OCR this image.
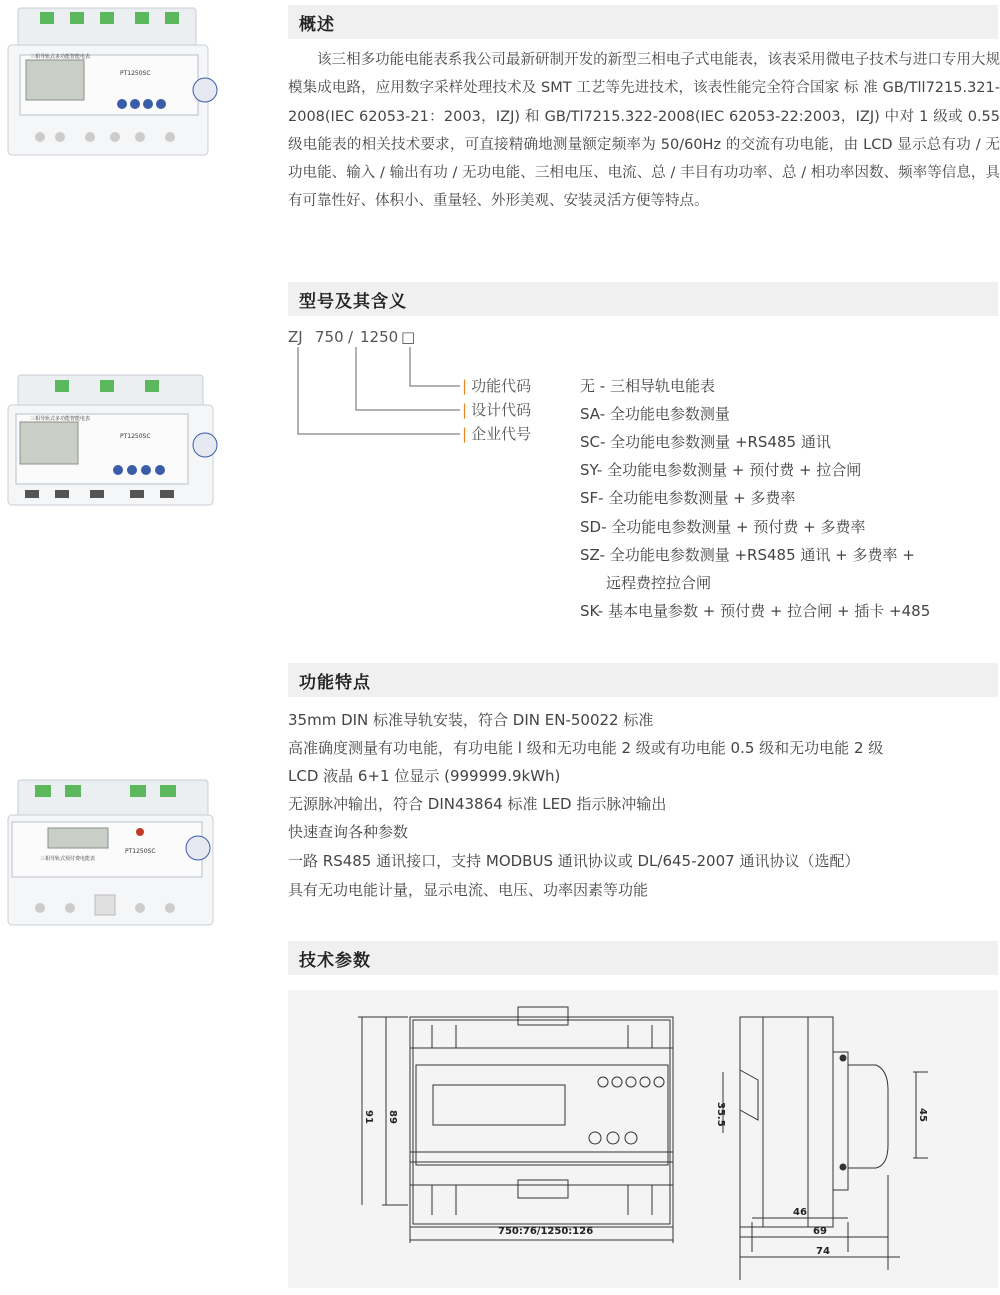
三相导轨式多功能智能电表
PT1250SC
三相导轨式多功能智能电表
PT1250SC
三相导轨式预付费电能表
PT1250SC
概述

该三相多功能电能表系我公司最新研制开发的新型三相电子式电能表，该表采用微电子技术与进口专用大规模集成电路，应用数字采样处理技术及 SMT 工艺等先进技术，该表性能完全符合国家 标 准 GB/Tll7215.321-2008(IEC 62053-21：2003，IZJ) 和 GB/Tl7215.322-2008(IEC 62053-22:2003，IZJ) 中对 1 级或 0.55 级电能表的相关技术要求，可直接精确地测量额定频率为 50/60Hz 的交流有功电能，由 LCD 显示总有功 / 无功电能、输入 / 输出有功 / 无功电能、三相电压、电流、总 / 丰目有功功率、总 / 相功率因数、频率等信息，具有可靠性好、体积小、重量轻、外形美观、安装灵活方便等特点。

型号及其含义
ZJ 750 / 1250 □
| 功能代码
| 设计代码
| 企业代号
无 - 三相导轨电能表
SA- 全功能电参数测量
SC- 全功能电参数测量 +RS485 通讯
SY- 全功能电参数测量 + 预付费 + 拉合闸
SF- 全功能电参数测量 + 多费率
SD- 全功能电参数测量 + 预付费 + 多费率
SZ- 全功能电参数测量 +RS485 通讯 + 多费率 +
远程费控拉合闸
SK- 基本电量参数 + 预付费 + 拉合闸 + 插卡 +485
功能特点
35mm DIN 标准导轨安装，符合 DIN EN-50022 标准
高准确度测量有功电能，有功电能 l 级和无功电能 2 级或有功电能 0.5 级和无功电能 2 级
LCD 液晶 6+1 位显示 (999999.9kWh)
无源脉冲输出，符合 DIN43864 标准 LED 指示脉冲输出
快速查询各种参数
一路 RS485 通讯接口，支持 MODBUS 通讯协议或 DL/645-2007 通讯协议（选配）
具有无功电能计量，显示电流、电压、功率因素等功能
技术参数
91 89
750:76/1250:126
35.5	45
46
69
74
